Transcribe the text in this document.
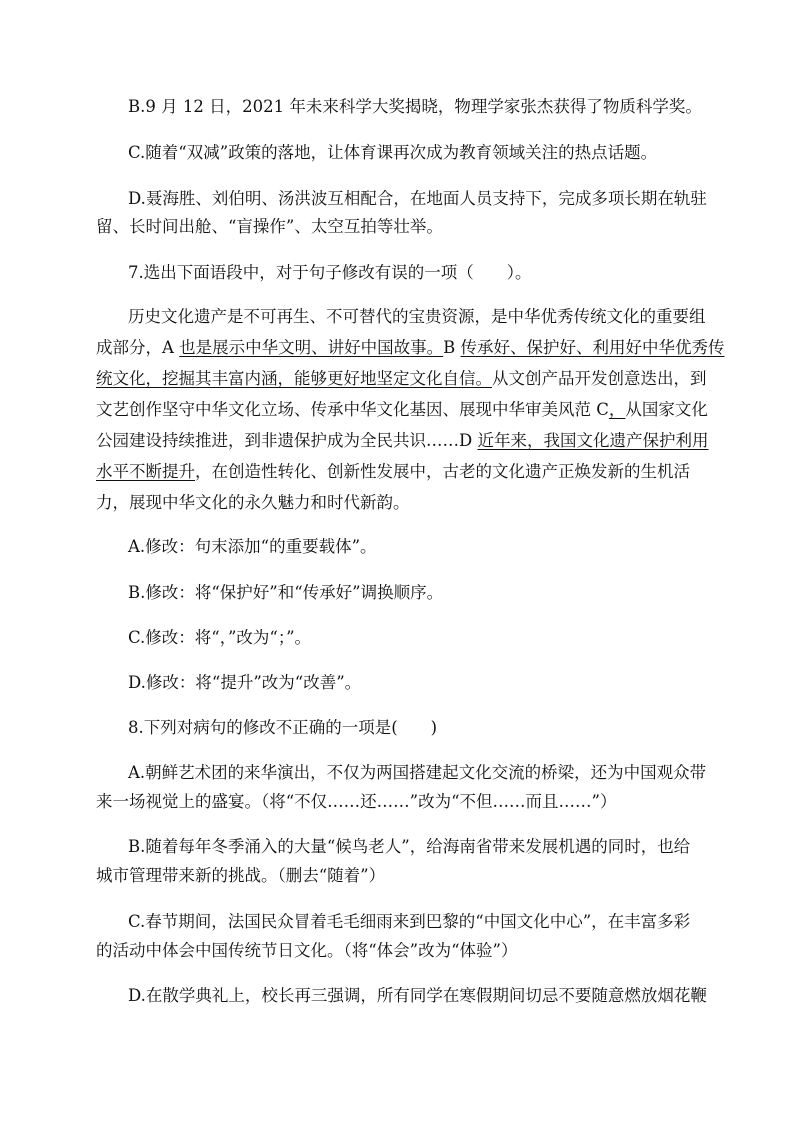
B.9 月 12 日，2021 年未来科学大奖揭晓，物理学家张杰获得了物质科学奖。
C.随着“双减”政策的落地，让体育课再次成为教育领域关注的热点话题。
D.聂海胜、刘伯明、汤洪波互相配合，在地面人员支持下，完成多项长期在轨驻
留、长时间出舱、“盲操作”、太空互拍等壮举。
7.选出下面语段中，对于句子修改有误的一项（　　）。
历史文化遗产是不可再生、不可替代的宝贵资源，是中华优秀传统文化的重要组
成部分，A 也是展示中华文明、讲好中国故事。B 传承好、保护好、利用好中华优秀传
统文化，挖掘其丰富内涵，能够更好地坚定文化自信。从文创产品开发创意迭出，到
文艺创作坚守中华文化立场、传承中华文化基因、展现中华审美风范 C，从国家文化
公园建设持续推进，到非遗保护成为全民共识……D 近年来，我国文化遗产保护利用
水平不断提升，在创造性转化、创新性发展中，古老的文化遗产正焕发新的生机活
力，展现中华文化的永久魅力和时代新韵。
A.修改：句末添加“的重要载体”。
B.修改：将“保护好”和“传承好”调换顺序。
C.修改：将“，”改为“；”。
D.修改：将“提升”改为“改善”。
8.下列对病句的修改不正确的一项是(　　)
A.朝鲜艺术团的来华演出，不仅为两国搭建起文化交流的桥梁，还为中国观众带
来一场视觉上的盛宴。（将“不仅……还……”改为“不但……而且……”）
B.随着每年冬季涌入的大量“候鸟老人”，给海南省带来发展机遇的同时，也给
城市管理带来新的挑战。（删去“随着”）
C.春节期间，法国民众冒着毛毛细雨来到巴黎的“中国文化中心”，在丰富多彩
的活动中体会中国传统节日文化。（将“体会”改为“体验”）
D.在散学典礼上，校长再三强调，所有同学在寒假期间切忌不要随意燃放烟花鞭
